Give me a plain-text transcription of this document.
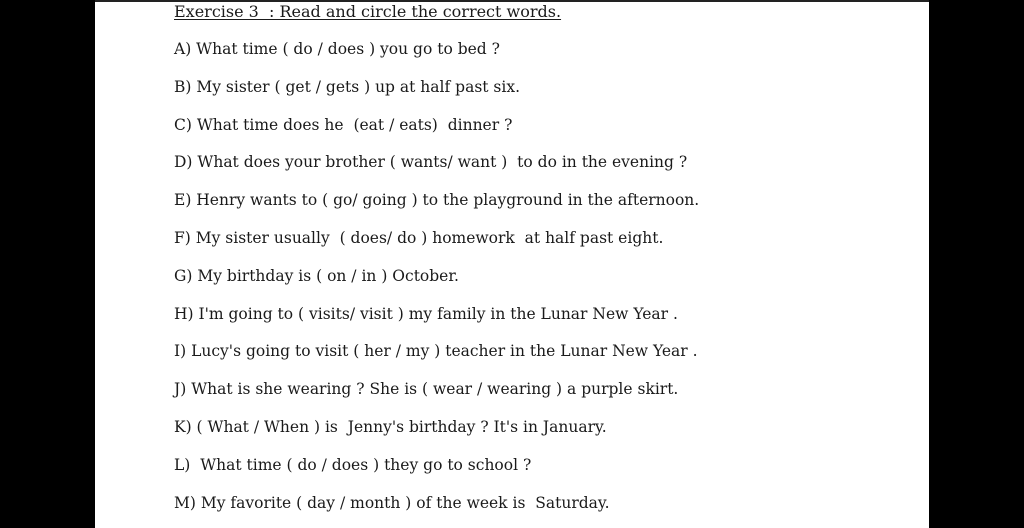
Exercise 3  : Read and circle the correct words.
A) What time ( do / does ) you go to bed ?
B) My sister ( get / gets ) up at half past six.
C) What time does he  (eat / eats)  dinner ?
D) What does your brother ( wants/ want )  to do in the evening ?
E) Henry wants to ( go/ going ) to the playground in the afternoon.
F) My sister usually  ( does/ do ) homework  at half past eight.
G) My birthday is ( on / in ) October.
H) I'm going to ( visits/ visit ) my family in the Lunar New Year .
I) Lucy's going to visit ( her / my ) teacher in the Lunar New Year .
J) What is she wearing ? She is ( wear / wearing ) a purple skirt.
K) ( What / When ) is  Jenny's birthday ? It's in January.
L)  What time ( do / does ) they go to school ?
M) My favorite ( day / month ) of the week is  Saturday.
